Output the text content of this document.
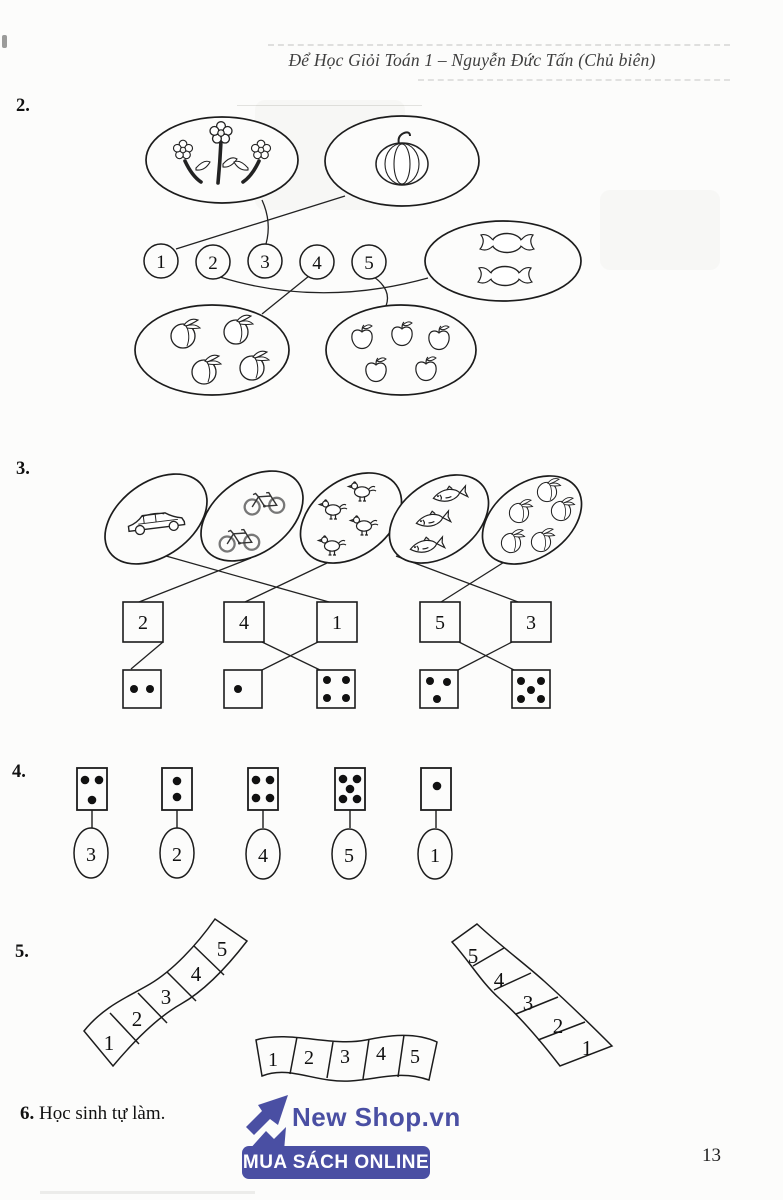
Để Học Giỏi Toán 1 – Nguyễn Đức Tấn (Chủ biên)
2.
3.
4.
5.
6. Học sinh tự làm.
13
1 2 3 4 5
2	4	1	5	3
3	2	4	5	1
1
2
3
4
5
1 2 3 4 5
5
4
3
2
1
New Shop.vn
MUA SÁCH ONLINE
